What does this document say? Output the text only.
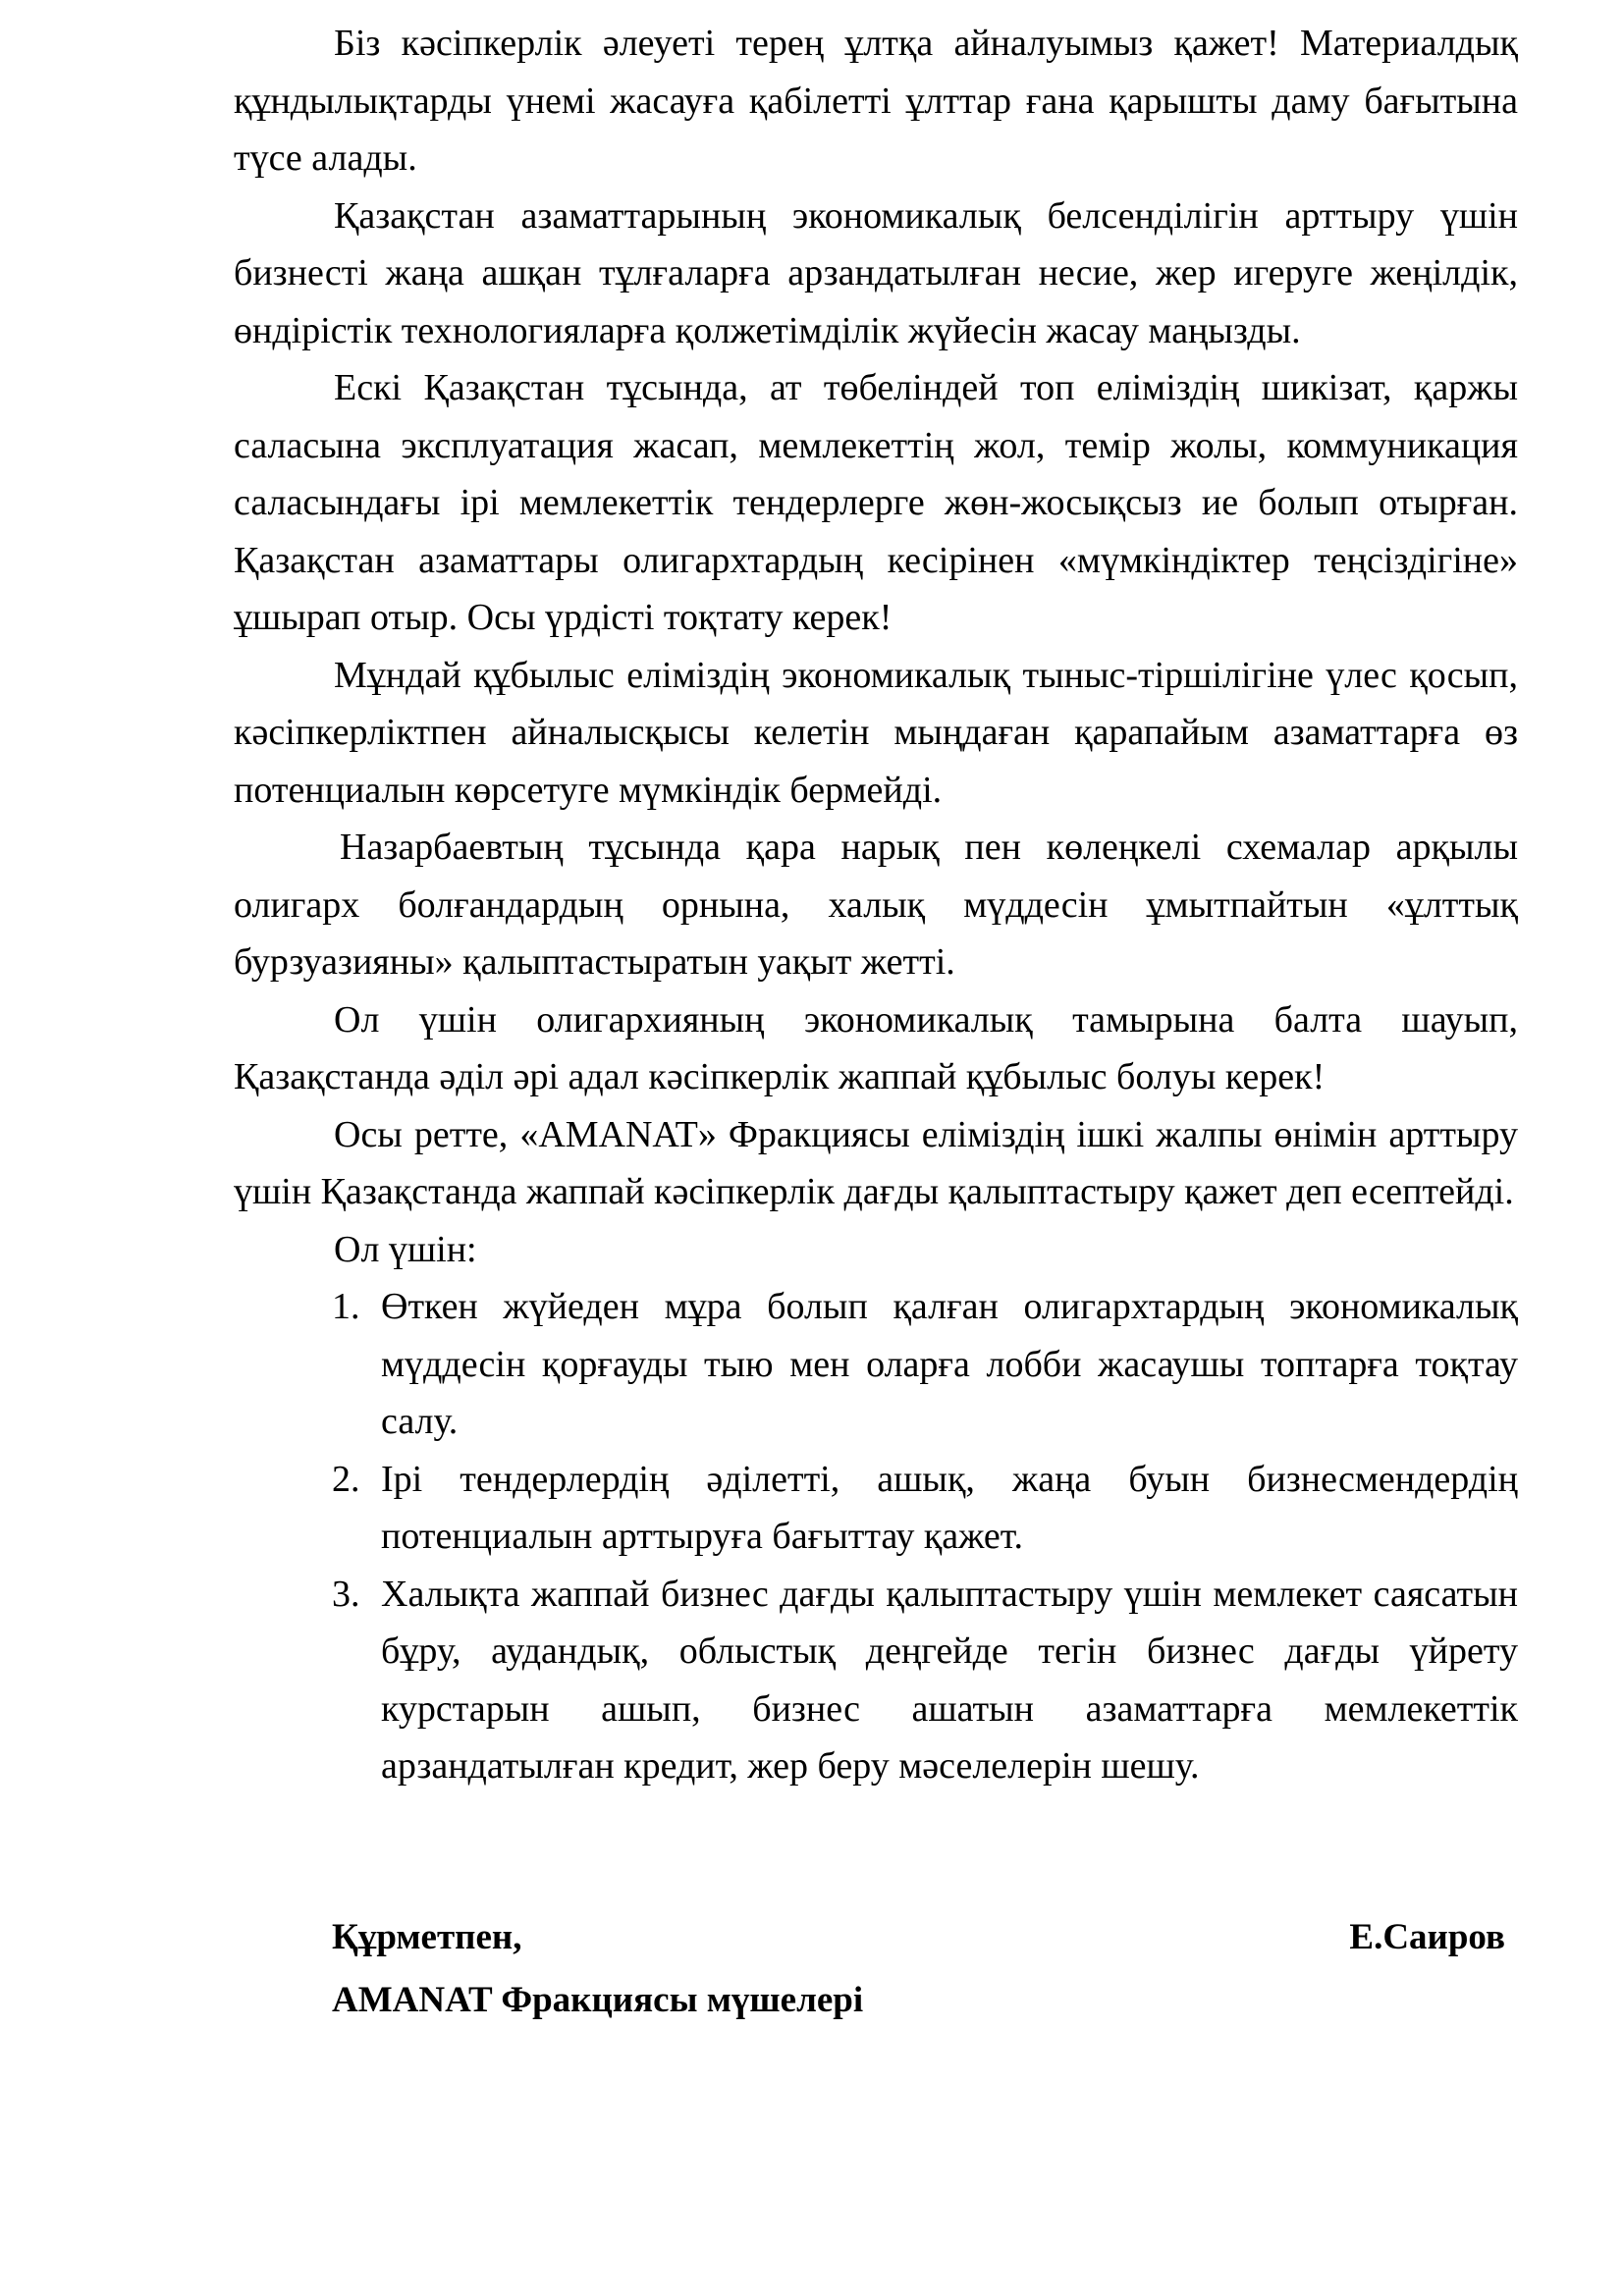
Біз кәсіпкерлік әлеуеті терең ұлтқа айналуымыз қажет! Материалдық құндылықтарды үнемі жасауға қабілетті ұлттар ғана қарышты даму бағытына түсе алады.

Қазақстан азаматтарының экономикалық белсенділігін арттыру үшін бизнесті жаңа ашқан тұлғаларға арзандатылған несие, жер игеруге жеңілдік, өндірістік технологияларға қолжетімділік жүйесін жасау маңызды.

Ескі Қазақстан тұсында, ат төбеліндей топ еліміздің шикізат, қаржы саласына эксплуатация жасап, мемлекеттің жол, темір жолы, коммуникация саласындағы ірі мемлекеттік тендерлерге жөн-жосықсыз ие болып отырған. Қазақстан азаматтары олигархтардың кесірінен «мүмкіндіктер теңсіздігіне» ұшырап отыр. Осы үрдісті тоқтату керек!

Мұндай құбылыс еліміздің экономикалық тыныс-тіршілігіне үлес қосып, кәсіпкерліктпен айналысқысы келетін мыңдаған қарапайым азаматтарға өз потенциалын көрсетуге мүмкіндік бермейді.

Назарбаевтың тұсында қара нарық пен көлеңкелі схемалар арқылы олигарх болғандардың орнына, халық мүддесін ұмытпайтын «ұлттық бурзуазияны» қалыптастыратын уақыт жетті.

Ол үшін олигархияның экономикалық тамырына балта шауып, Қазақстанда әділ әрі адал кәсіпкерлік жаппай құбылыс болуы керек!

Осы ретте, «AMANAT» Фракциясы еліміздің ішкі жалпы өнімін арттыру үшін Қазақстанда жаппай кәсіпкерлік дағды қалыптастыру қажет деп есептейді.

Ол үшін:

1. Өткен жүйеден мұра болып қалған олигархтардың экономикалық мүддесін қорғауды тыю мен оларға лобби жасаушы топтарға тоқтау салу.
2. Ірі тендерлердің әділетті, ашық, жаңа буын бизнесмендердің потенциалын арттыруға бағыттау қажет.
3. Халықта жаппай бизнес дағды қалыптастыру үшін мемлекет саясатын бұру, аудандық, облыстық деңгейде тегін бизнес дағды үйрету курстарын ашып, бизнес ашатын азаматтарға мемлекеттік арзандатылған кредит, жер беру мәселелерін шешу.
Құрметпен,	Е.Саиров
AMANAT Фракциясы мүшелері
